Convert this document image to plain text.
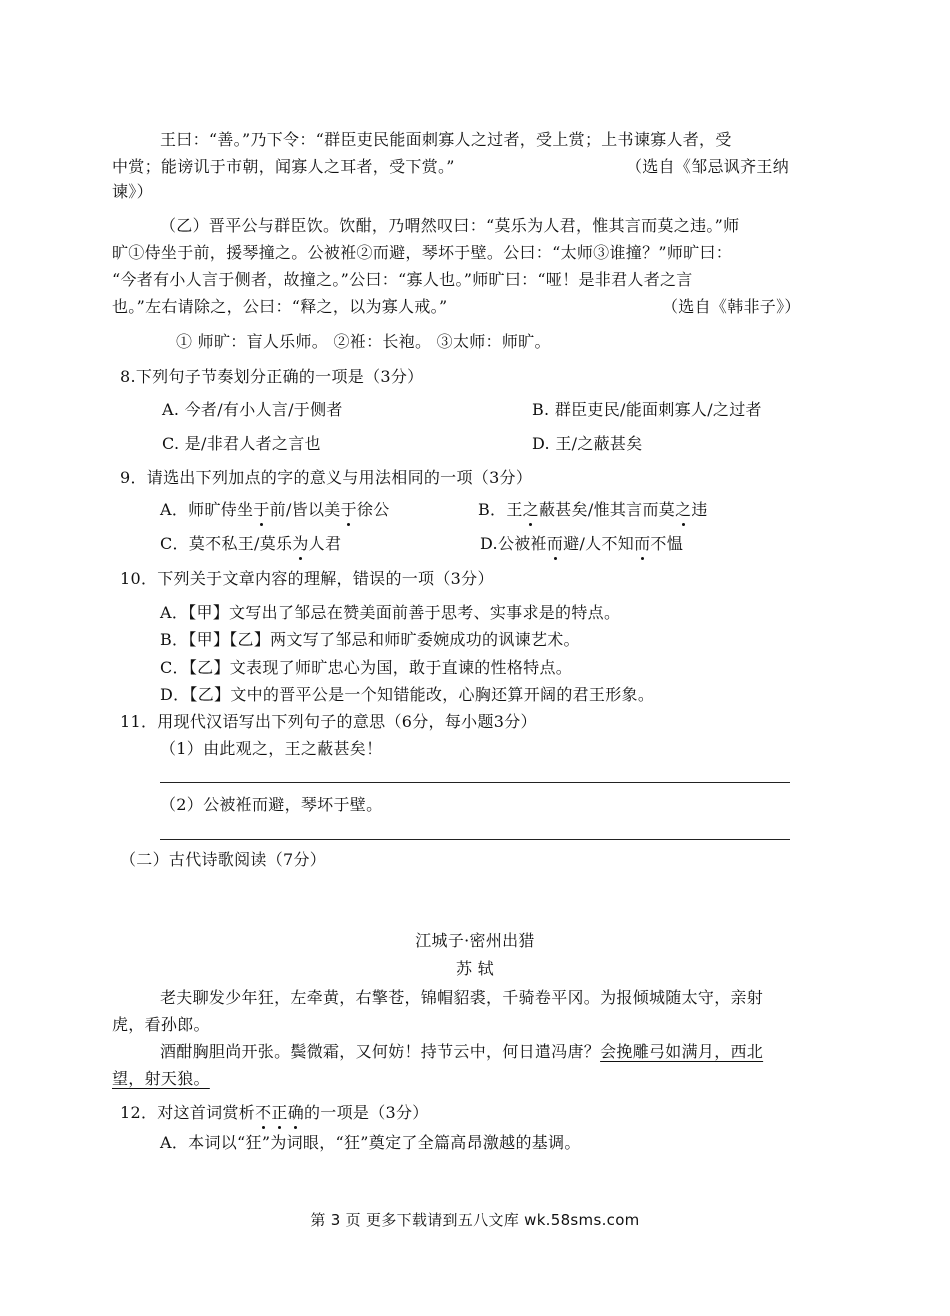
王曰：“善。”乃下令：“群臣吏民能面刺寡人之过者，受上赏；上书谏寡人者，受
中赏；能谤讥于市朝，闻寡人之耳者，受下赏。”	（选自《邹忌讽齐王纳
谏》）
（乙）晋平公与群臣饮。饮酣，乃喟然叹曰：“莫乐为人君，惟其言而莫之违。”师
旷①侍坐于前，援琴撞之。公被袵②而避，琴坏于壁。公曰：“太师③谁撞？”师旷曰：
“今者有小人言于侧者，故撞之。”公曰：“寡人也。”师旷曰：“哑！是非君人者之言
也。”左右请除之，公曰：“释之，以为寡人戒。”	（选自《韩非子》）
① 师旷：盲人乐师。 ②袵：长袍。 ③太师：师旷。
8.下列句子节奏划分正确的一项是（3分）
A. 今者/有小人言/于侧者	B. 群臣吏民/能面刺寡人/之过者
C. 是/非君人者之言也	D. 王/之蔽甚矣
9．请选出下列加点的字的意义与用法相同的一项（3分）
A．师旷侍坐于前/皆以美于徐公	B．王之蔽甚矣/惟其言而莫之违
C．莫不私王/莫乐为人君	D.公被袵而避/人不知而不愠
10．下列关于文章内容的理解，错误的一项（3分）
A．【甲】文写出了邹忌在赞美面前善于思考、实事求是的特点。
B．【甲】【乙】两文写了邹忌和师旷委婉成功的讽谏艺术。
C．【乙】文表现了师旷忠心为国，敢于直谏的性格特点。
D．【乙】文中的晋平公是一个知错能改，心胸还算开阔的君王形象。
11．用现代汉语写出下列句子的意思（6分，每小题3分）
（1）由此观之，王之蔽甚矣！
（2）公被袵而避，琴坏于壁。
（二）古代诗歌阅读（7分）
江城子·密州出猎
苏 轼
老夫聊发少年狂，左牵黄，右擎苍，锦帽貂裘，千骑卷平冈。为报倾城随太守，亲射
虎，看孙郎。
酒酣胸胆尚开张。鬓微霜，又何妨！持节云中，何日遣冯唐？会挽雕弓如满月，西北
望，射天狼。
12．对这首词赏析不正确的一项是（3分）
A．本词以“狂”为词眼，“狂”奠定了全篇高昂激越的基调。
第 3 页 更多下载请到五八文库 wk.58sms.com
